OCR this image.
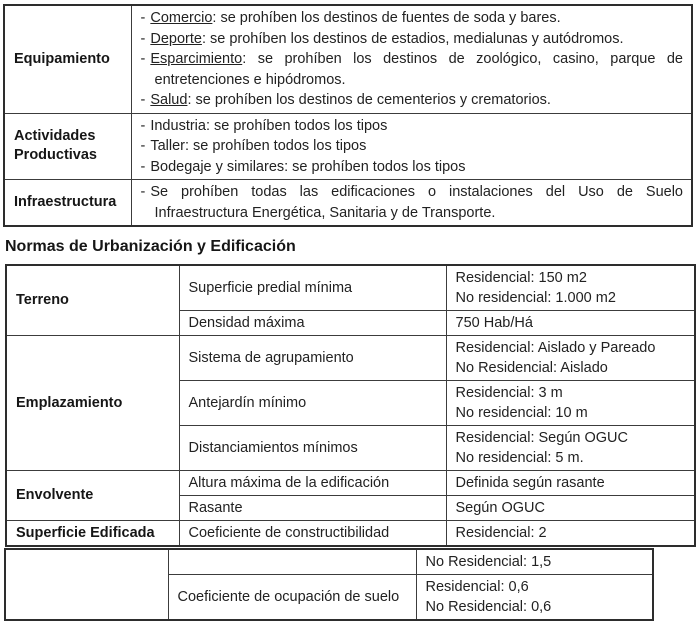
Equipamiento	- Comercio: se prohíben los destinos de fuentes de soda y bares.
- Deporte: se prohíben los destinos de estadios, medialunas y autódromos.
- Esparcimiento: se prohíben los destinos de zoológico, casino, parque de entretenciones e hipódromos.
- Salud: se prohíben los destinos de cementerios y crematorios.

Actividades Productivas	- Industria: se prohíben todos los tipos
- Taller: se prohíben todos los tipos
- Bodegaje y similares: se prohíben todos los tipos

Infraestructura	- Se prohíben todas las edificaciones o instalaciones del Uso de Suelo Infraestructura Energética, Sanitaria y de Transporte.
Normas de Urbanización y Edificación
Terreno	Superficie predial mínima	Residencial: 150 m2
No residencial: 1.000 m2

	Densidad máxima	750 Hab/Há

Emplazamiento	Sistema de agrupamiento	Residencial: Aislado y Pareado
No Residencial: Aislado

	Antejardín mínimo	Residencial: 3 m
No residencial: 10 m

	Distanciamientos mínimos	Residencial: Según OGUC
No residencial: 5 m.

Envolvente	Altura máxima de la edificación	Definida según rasante

	Rasante	Según OGUC

Superficie Edificada	Coeficiente de constructibilidad	Residencial: 2

		No Residencial: 1,5

	Coeficiente de ocupación de suelo	Residencial: 0,6
No Residencial: 0,6
